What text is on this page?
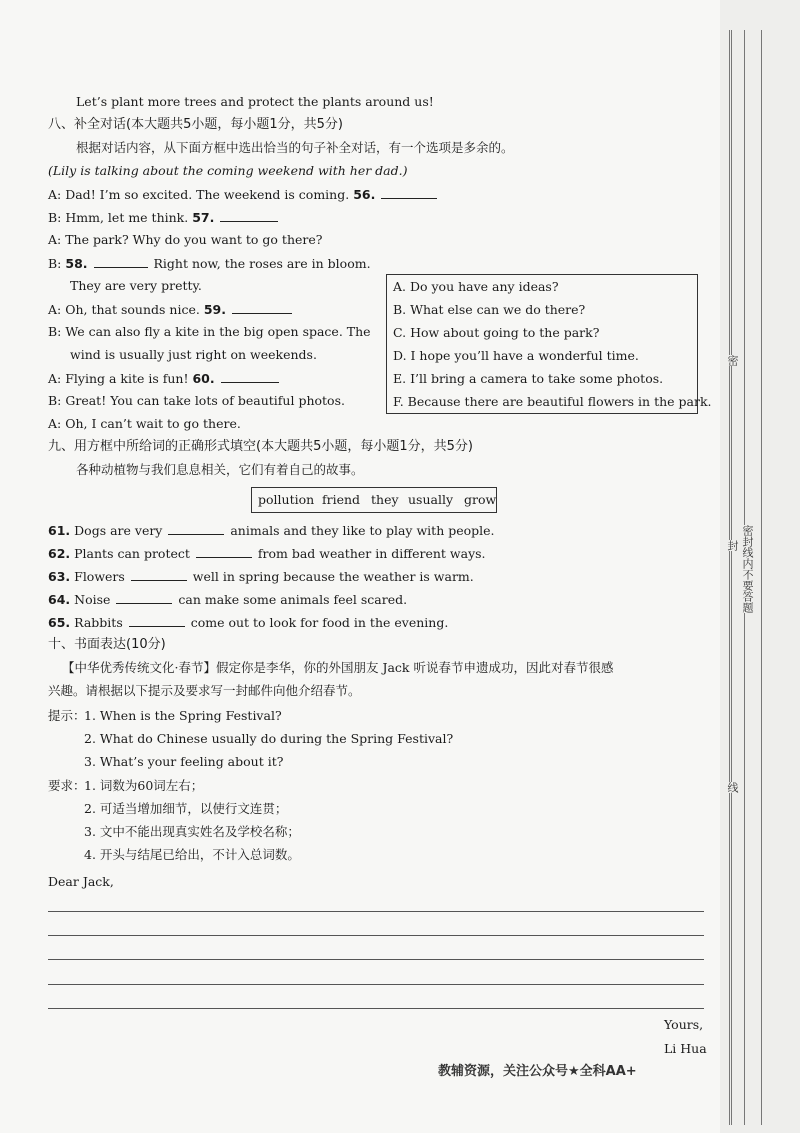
Let’s plant more trees and protect the plants around us!
八、补全对话(本大题共5小题，每小题1分，共5分)
根据对话内容，从下面方框中选出恰当的句子补全对话，有一个选项是多余的。
(Lily is talking about the coming weekend with her dad.)
A: Dad! I’m so excited. The weekend is coming. 56.
B: Hmm, let me think. 57.
A: The park? Why do you want to go there?
B: 58.	Right now, the roses are in bloom.
They are very pretty.
A: Oh, that sounds nice. 59.
B: We can also fly a kite in the big open space. The
wind is usually just right on weekends.
A: Flying a kite is fun! 60.
B: Great! You can take lots of beautiful photos.
A: Oh, I can’t wait to go there.
A. Do you have any ideas?
B. What else can we do there?
C. How about going to the park?
D. I hope you’ll have a wonderful time.
E. I’ll bring a camera to take some photos.
F. Because there are beautiful flowers in the park.
九、用方框中所给词的正确形式填空(本大题共5小题，每小题1分，共5分)
各种动植物与我们息息相关，它们有着自己的故事。
pollution friend they usually grow
61. Dogs are very	animals and they like to play with people.
62. Plants can protect	from bad weather in different ways.
63. Flowers	well in spring because the weather is warm.
64. Noise	can make some animals feel scared.
65. Rabbits	come out to look for food in the evening.
十、书面表达(10分)
【中华优秀传统文化·春节】假定你是李华，你的外国朋友 Jack 听说春节申遗成功，因此对春节很感
兴趣。请根据以下提示及要求写一封邮件向他介绍春节。
提示：
1. When is the Spring Festival?
2. What do Chinese usually do during the Spring Festival?
3. What’s your feeling about it?
要求：
1. 词数为60词左右；
2. 可适当增加细节，以使行文连贯；
3. 文中不能出现真实姓名及学校名称；
4. 开头与结尾已给出，不计入总词数。
Dear Jack,
Yours,
Li Hua
教辅资源，关注公众号★全科AA+
密
密封线内不要答题
封
线
